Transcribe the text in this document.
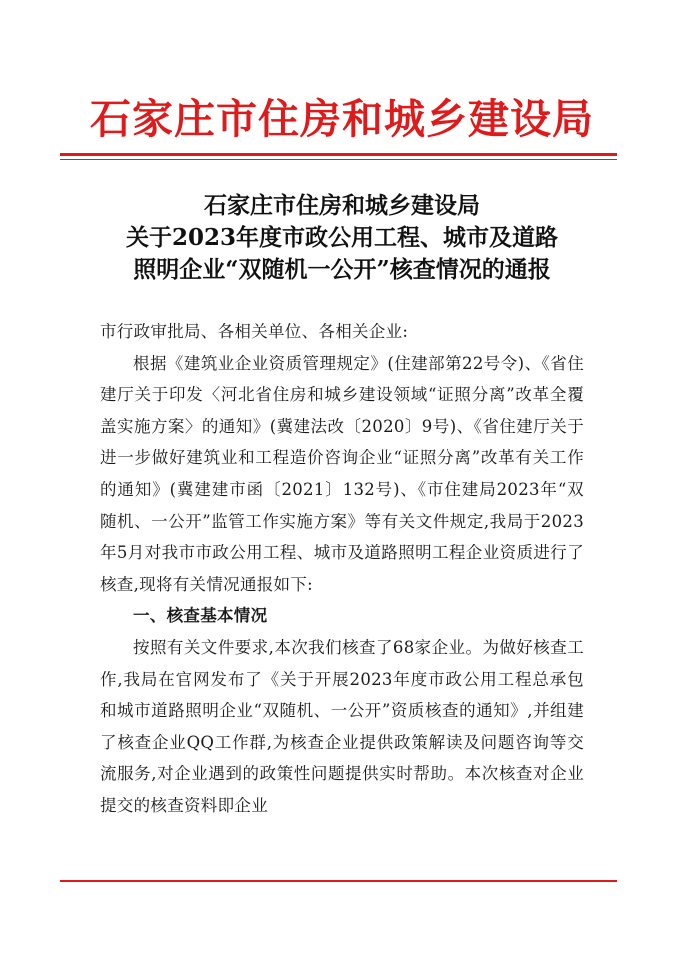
石家庄市住房和城乡建设局
石家庄市住房和城乡建设局
关于2023年度市政公用工程、城市及道路
照明企业“双随机一公开”核查情况的通报

市行政审批局、各相关单位、各相关企业:

根据《建筑业企业资质管理规定》(住建部第22号令)、《省住建厅关于印发〈河北省住房和城乡建设领域“证照分离”改革全覆盖实施方案〉的通知》(冀建法改〔2020〕9号)、《省住建厅关于进一步做好建筑业和工程造价咨询企业“证照分离”改革有关工作的通知》(冀建建市函〔2021〕132号)、《市住建局2023年“双随机、一公开”监管工作实施方案》等有关文件规定,我局于2023年5月对我市市政公用工程、城市及道路照明工程企业资质进行了核查,现将有关情况通报如下:

一、核查基本情况

按照有关文件要求,本次我们核查了68家企业。为做好核查工作,我局在官网发布了《关于开展2023年度市政公用工程总承包和城市道路照明企业“双随机、一公开”资质核查的通知》,并组建了核查企业QQ工作群,为核查企业提供政策解读及问题咨询等交流服务,对企业遇到的政策性问题提供实时帮助。本次核查对企业提交的核查资料即企业
